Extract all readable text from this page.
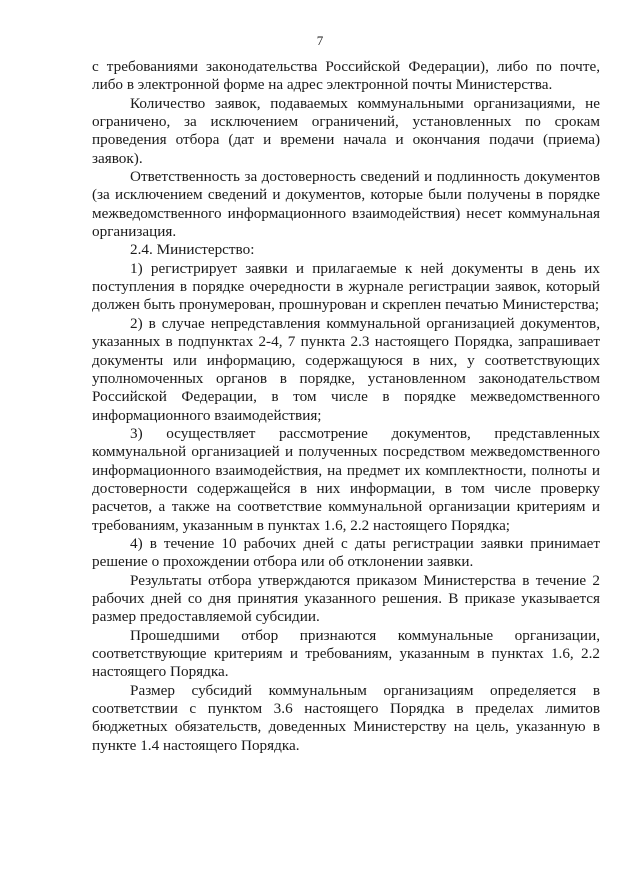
7

с требованиями законодательства Российской Федерации), либо по почте, либо в электронной форме на адрес электронной почты Министерства.

Количество заявок, подаваемых коммунальными организациями, не ограничено, за исключением ограничений, установленных по срокам проведения отбора (дат и времени начала и окончания подачи (приема) заявок).

Ответственность за достоверность сведений и подлинность документов (за исключением сведений и документов, которые были получены в порядке межведомственного информационного взаимодействия) несет коммунальная организация.

2.4. Министерство:

1) регистрирует заявки и прилагаемые к ней документы в день их поступления в порядке очередности в журнале регистрации заявок, который должен быть пронумерован, прошнурован и скреплен печатью Министерства;

2) в случае непредставления коммунальной организацией документов, указанных в подпунктах 2-4, 7 пункта 2.3 настоящего Порядка, запрашивает документы или информацию, содержащуюся в них, у соответствующих уполномоченных органов в порядке, установленном законодательством Российской Федерации, в том числе в порядке межведомственного информационного взаимодействия;

3) осуществляет рассмотрение документов, представленных коммунальной организацией и полученных посредством межведомственного информационного взаимодействия, на предмет их комплектности, полноты и достоверности содержащейся в них информации, в том числе проверку расчетов, а также на соответствие коммунальной организации критериям и требованиям, указанным в пунктах 1.6, 2.2 настоящего Порядка;

4) в течение 10 рабочих дней с даты регистрации заявки принимает решение о прохождении отбора или об отклонении заявки.

Результаты отбора утверждаются приказом Министерства в течение 2 рабочих дней со дня принятия указанного решения. В приказе указывается размер предоставляемой субсидии.

Прошедшими отбор признаются коммунальные организации, соответствующие критериям и требованиям, указанным в пунктах 1.6, 2.2 настоящего Порядка.

Размер субсидий коммунальным организациям определяется в соответствии с пунктом 3.6 настоящего Порядка в пределах лимитов бюджетных обязательств, доведенных Министерству на цель, указанную в пункте 1.4 настоящего Порядка.
